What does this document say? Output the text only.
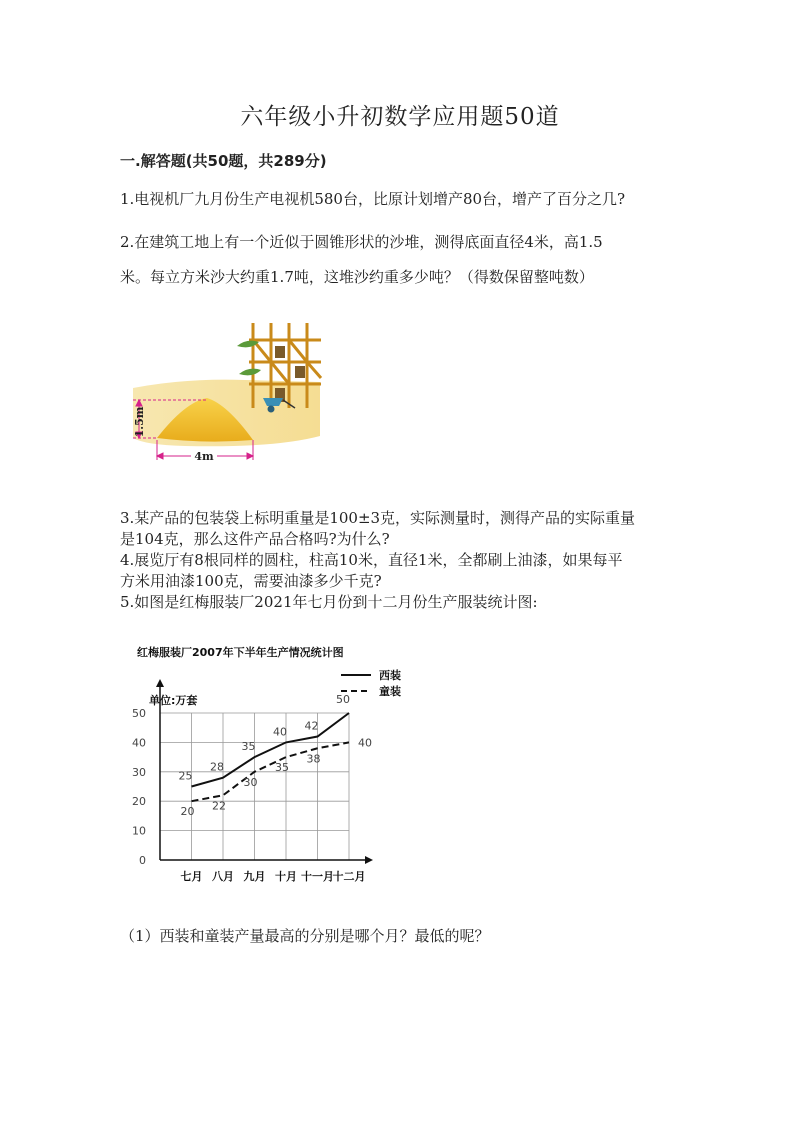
六年级小升初数学应用题50道
一.解答题(共50题，共289分)
1.电视机厂九月份生产电视机580台，比原计划增产80台，增产了百分之几?
2.在建筑工地上有一个近似于圆锥形状的沙堆，测得底面直径4米，高1.5
米。每立方米沙大约重1.7吨，这堆沙约重多少吨？（得数保留整吨数）
1.5m
4m
3.某产品的包装袋上标明重量是100±3克，实际测量时，测得产品的实际重量
是104克，那么这件产品合格吗?为什么?
4.展览厅有8根同样的圆柱，柱高10米，直径1米，全都刷上油漆，如果每平
方米用油漆100克，需要油漆多少千克?
5.如图是红梅服装厂2021年七月份到十二月份生产服装统计图:
红梅服装厂2007年下半年生产情况统计图
单位:万套
西装
童装
0
10
20
30
40
50
七月 八月 九月 十月 十一月
十二月
25
28
35
40 42
50
20 22
30
35
38
40
（1）西装和童装产量最高的分别是哪个月？最低的呢？
